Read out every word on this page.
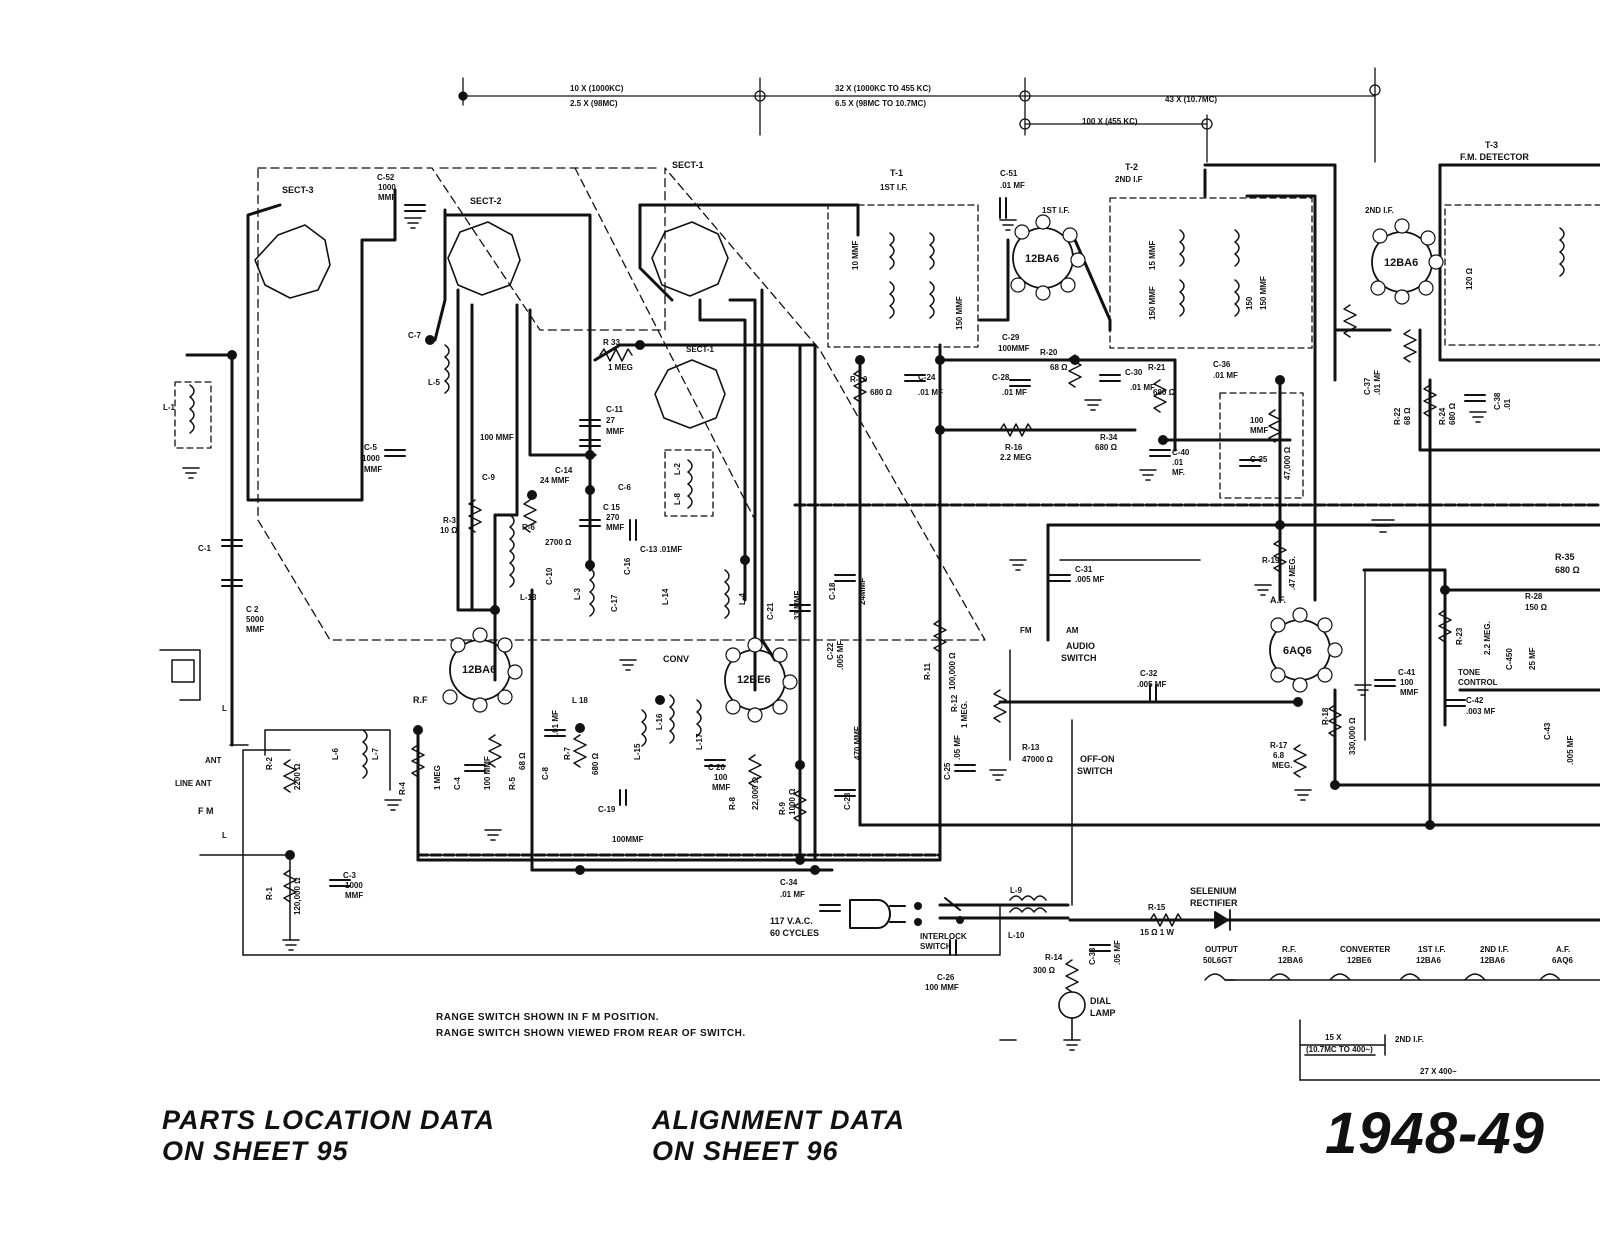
10 X (1000KC)
2.5 X (98MC)
32 X (1000KC TO 455 KC)
6.5 X (98MC TO 10.7MC)	43 X (10.7MC)
100 X (455 KC)
SECT-3
SECT-2
SECT-1
SECT-1
T-1
1ST I.F.
T-2
2ND I.F
T-3
F.M. DETECTOR
12BA6
12BE6
12BA6	12BA6
6AQ6
R.F
CONV
1ST I.F.	2ND I.F.
A.F.
ANT
LINE ANT
F M
L
L
C-52
1000
MMF
C-51
.01 MF
C-5
1000
MMF
C 2
5000
MMF
C-1
C-3
1000
MMF
C-7
C-9
100 MMF
C-11
27
MMF
C-14
24 MMF
C 15
270
MMF
C-13 .01MF
R 33
1 MEG
R-3
10 Ω	R-6
2700 Ω
L-1
L-5
L-13
C-29
100MMF
C-24
.01 MF
R-10
680 Ω
C-28
.01 MF
R-20
68 Ω
C-30
.01 MF
R-21
680 Ω
C-36
.01 MF
R-16
2.2 MEG
R-34
680 Ω
C-40
.01
MF.
100
MMF
C-35 47,000 Ω
R-19 .47 MEG.
C-37 .01 MF
R-22 68 Ω	R-24 680 Ω
C-38 .01
C-31
.005 MF
C-32
.005 MF
C-22 .005 MF
C-18	24MMF
C-21 33 MMF
C-23
470 MMF
R-11 100,000 Ω
R-12 1 MEG.
R-13
47000 Ω
R-4	1 MEG C-4	100 MMF R-5
68 Ω
C-8
.01 MF
R-7 680 Ω
L 18
C-19
100MMF
L-15
L-16
L-17
C 20
100
MMF
R-8 22,000 Ω R-9 1000 Ω
C-25
.05 MF
C-34
.01 MF
C-26
100 MMF
C-33 .05 MF
R-2
2200 Ω
R-1 120,000 Ω
L-6	L-7
R-17
6.8
MEG.
R-18
330,000 Ω
C-41
100
MMF
R-23 2.2 MEG.
C-42
.003 MF
R-28
150 Ω
R-35
680 Ω
C-450 25 MF
C-43
.005 MF
R-14
300 Ω
R-15
15 Ω 1 W
L-9
L-10
L-2
L-8
L-3	L-14	L-4
C-6
C-10
C-16
C-17
10 MMF
150 MMF
15 MMF
150 MMF	150 MMF
150
120 Ω
FM	AM
AUDIO
SWITCH
OFF-ON
SWITCH
TONE
CONTROL
INTERLOCK
SWITCH
117 V.A.C.
60 CYCLES
SELENIUM
RECTIFIER
DIAL
LAMP
OUTPUT
50L6GT
R.F.
12BA6
CONVERTER
12BE6
1ST I.F.
12BA6
2ND I.F.
12BA6
A.F.
6AQ6
15 X
(10.7MC TO 400~)
2ND I.F.
27 X 400~
RANGE SWITCH SHOWN IN F M POSITION.
RANGE SWITCH SHOWN VIEWED FROM REAR OF SWITCH.
PARTS LOCATION DATA
ON SHEET 95
ALIGNMENT DATA
ON SHEET 96	1948-49
